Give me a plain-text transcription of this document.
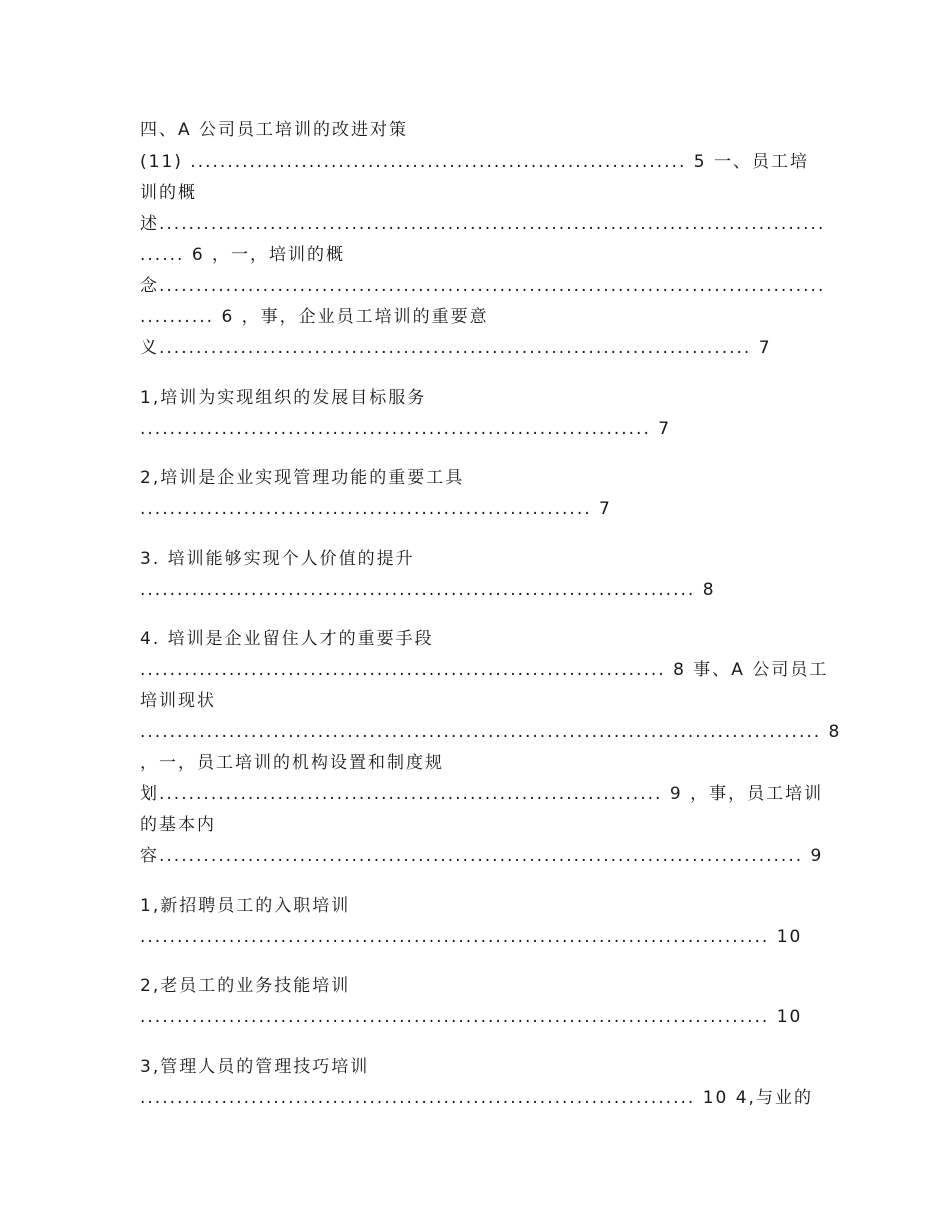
四、A 公司员工培训的改进对策
(11) ................................................................... 5 一、员工培
训的概
述..........................................................................................
...... 6 ，一，培训的概
念..........................................................................................
.......... 6 ，事，企业员工培训的重要意
义................................................................................ 7
1,培训为实现组织的发展目标服务
..................................................................... 7
2,培训是企业实现管理功能的重要工具
............................................................. 7
3. 培训能够实现个人价值的提升
........................................................................... 8
4. 培训是企业留住人才的重要手段
....................................................................... 8 事、A 公司员工
培训现状
............................................................................................ 8
，一，员工培训的机构设置和制度规
划.................................................................... 9 ，事，员工培训
的基本内
容....................................................................................... 9
1,新招聘员工的入职培训
..................................................................................... 10
2,老员工的业务技能培训
..................................................................................... 10
3,管理人员的管理技巧培训
........................................................................... 10 4,与业的
